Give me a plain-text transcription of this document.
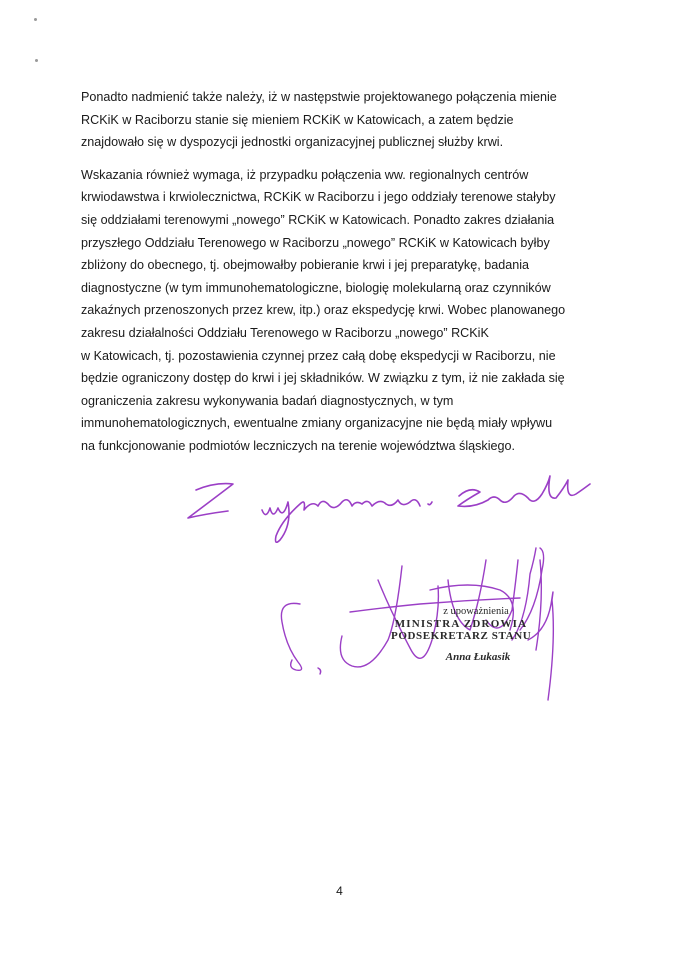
Ponadto nadmienić także należy, iż w następstwie projektowanego połączenia mienie
RCKiK w Raciborzu stanie się mieniem RCKiK w Katowicach, a zatem będzie
znajdowało się w dyspozycji jednostki organizacyjnej publicznej służby krwi.

Wskazania również wymaga, iż przypadku połączenia ww. regionalnych centrów
krwiodawstwa i krwiolecznictwa, RCKiK w Raciborzu i jego oddziały terenowe stałyby
się oddziałami terenowymi „nowego” RCKiK w Katowicach. Ponadto zakres działania
przyszłego Oddziału Terenowego w Raciborzu „nowego” RCKiK w Katowicach byłby
zbliżony do obecnego, tj. obejmowałby pobieranie krwi i jej preparatykę, badania
diagnostyczne (w tym immunohematologiczne, biologię molekularną oraz czynników
zakaźnych przenoszonych przez krew, itp.) oraz ekspedycję krwi. Wobec planowanego
zakresu działalności Oddziału Terenowego w Raciborzu „nowego” RCKiK
w Katowicach, tj. pozostawienia czynnej przez całą dobę ekspedycji w Raciborzu, nie
będzie ograniczony dostęp do krwi i jej składników. W związku z tym, iż nie zakłada się
ograniczenia zakresu wykonywania badań diagnostycznych, w tym
immunohematologicznych, ewentualne zmiany organizacyjne nie będą miały wpływu
na funkcjonowanie podmiotów leczniczych na terenie województwa śląskiego.

z upoważnienia
MINISTRA ZDROWIA
PODSEKRETARZ STANU
Anna Łukasik
4
